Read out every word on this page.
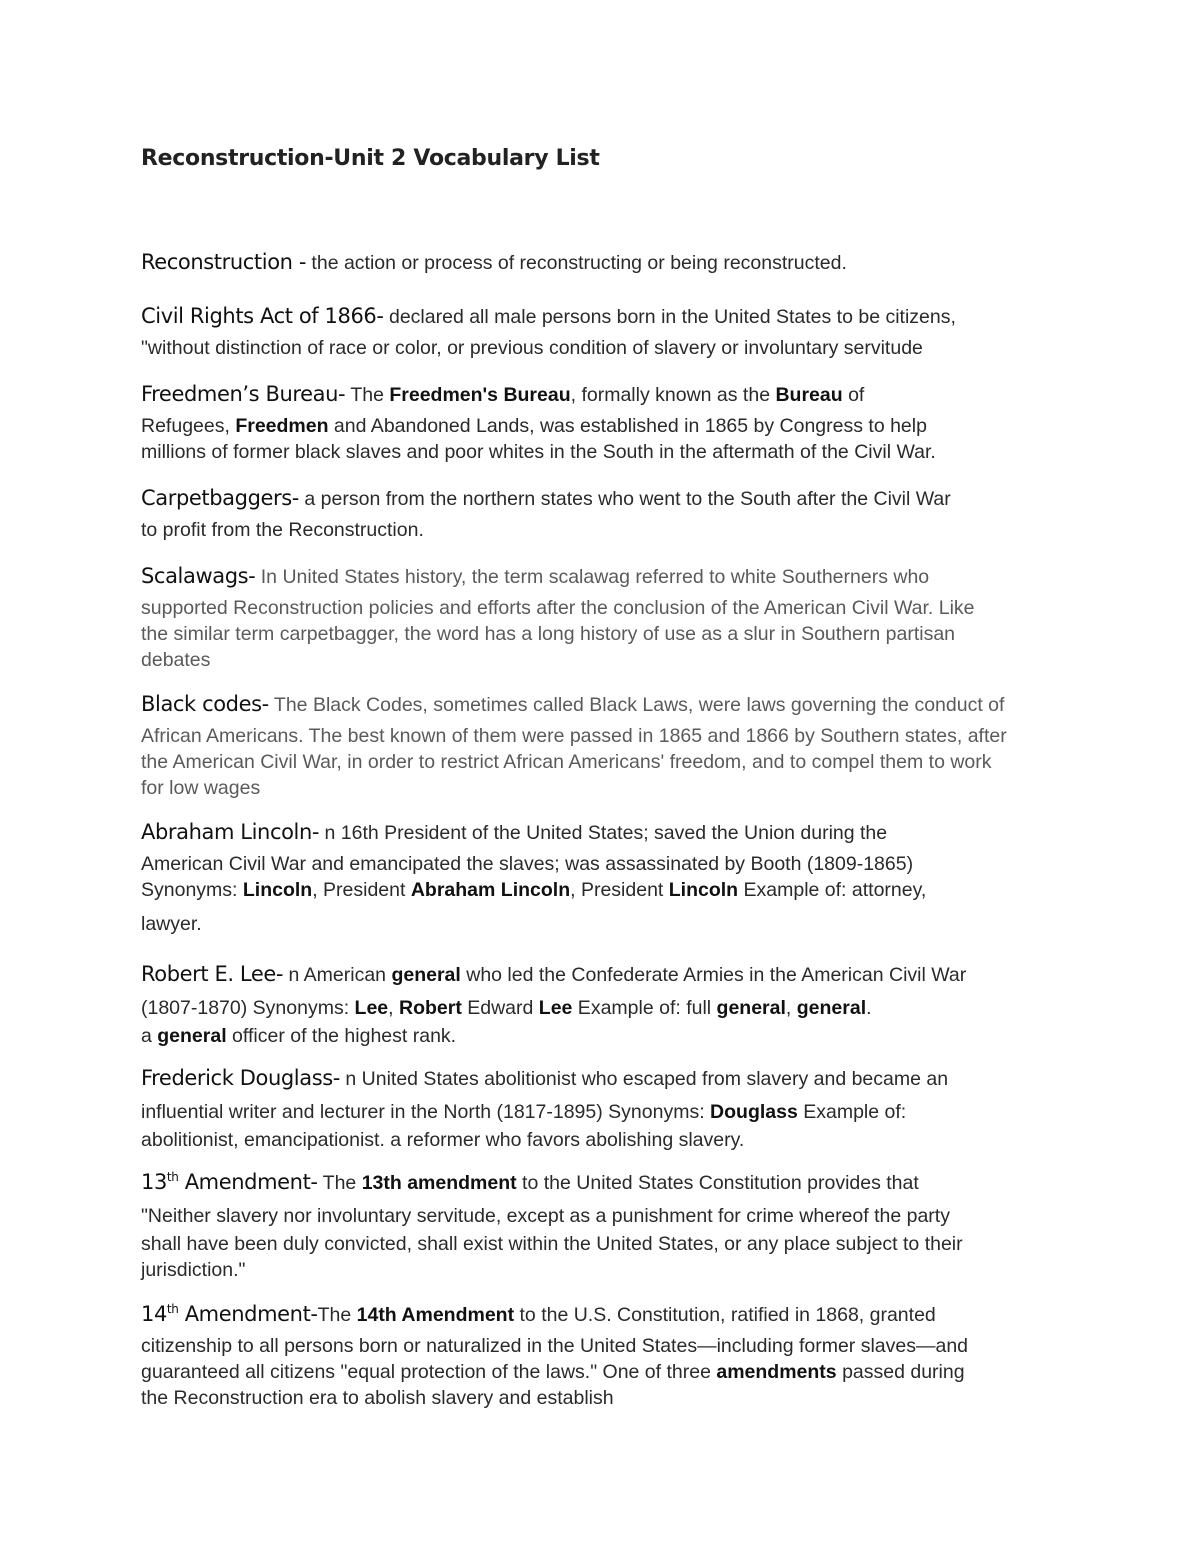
Reconstruction-Unit 2 Vocabulary List
Reconstruction - the action or process of reconstructing or being reconstructed.
Civil Rights Act of 1866- declared all male persons born in the United States to be citizens,
"without distinction of race or color, or previous condition of slavery or involuntary servitude
Freedmen’s Bureau- The Freedmen's Bureau, formally known as the Bureau of
Refugees, Freedmen and Abandoned Lands, was established in 1865 by Congress to help
millions of former black slaves and poor whites in the South in the aftermath of the Civil War.
Carpetbaggers- a person from the northern states who went to the South after the Civil War
to profit from the Reconstruction.
Scalawags- In United States history, the term scalawag referred to white Southerners who
supported Reconstruction policies and efforts after the conclusion of the American Civil War. Like
the similar term carpetbagger, the word has a long history of use as a slur in Southern partisan
debates
Black codes- The Black Codes, sometimes called Black Laws, were laws governing the conduct of
African Americans. The best known of them were passed in 1865 and 1866 by Southern states, after
the American Civil War, in order to restrict African Americans' freedom, and to compel them to work
for low wages
Abraham Lincoln- n 16th President of the United States; saved the Union during the
American Civil War and emancipated the slaves; was assassinated by Booth (1809-1865)
Synonyms: Lincoln, President Abraham Lincoln, President Lincoln Example of: attorney,
lawyer.
Robert E. Lee- n American general who led the Confederate Armies in the American Civil War
(1807-1870) Synonyms: Lee, Robert Edward Lee Example of: full general, general.
a general officer of the highest rank.
Frederick Douglass- n United States abolitionist who escaped from slavery and became an
influential writer and lecturer in the North (1817-1895) Synonyms: Douglass Example of:
abolitionist, emancipationist. a reformer who favors abolishing slavery.
13th Amendment- The 13th amendment to the United States Constitution provides that
"Neither slavery nor involuntary servitude, except as a punishment for crime whereof the party
shall have been duly convicted, shall exist within the United States, or any place subject to their
jurisdiction."
14th Amendment-The 14th Amendment to the U.S. Constitution, ratified in 1868, granted
citizenship to all persons born or naturalized in the United States—including former slaves—and
guaranteed all citizens "equal protection of the laws." One of three amendments passed during
the Reconstruction era to abolish slavery and establish
